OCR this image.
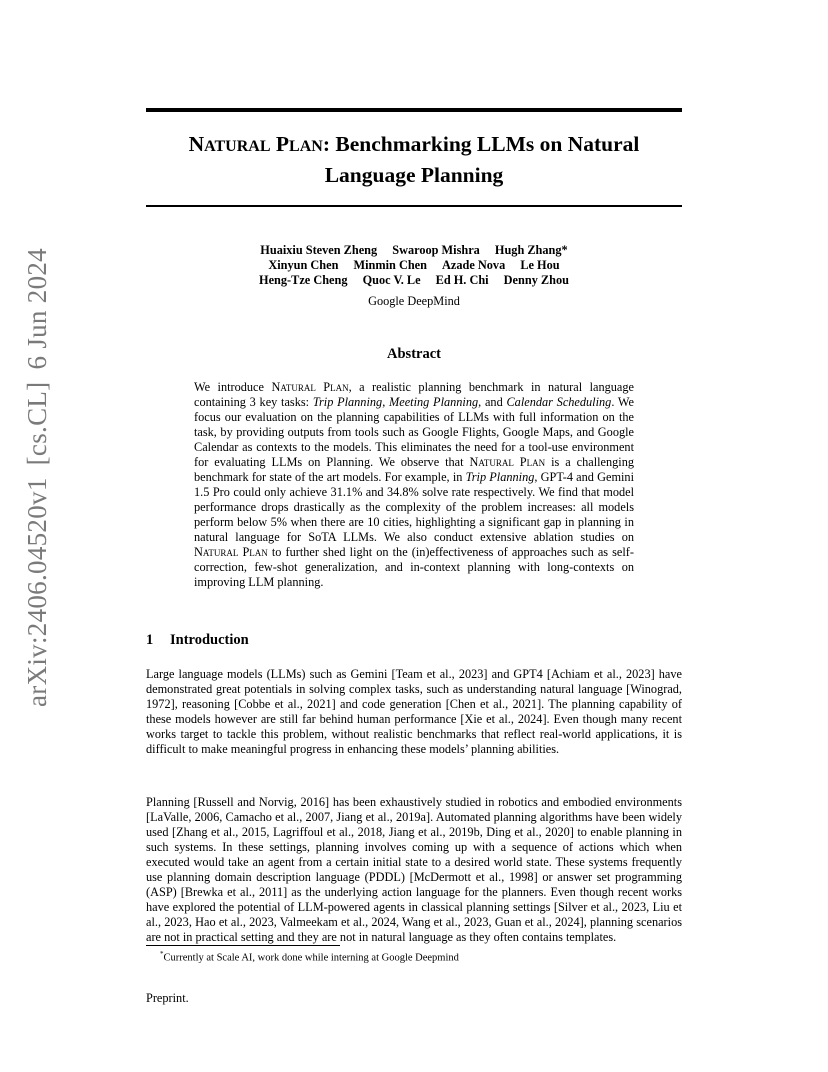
arXiv:2406.04520v1[cs.CL]6 Jun 2024
NATURAL PLAN: Benchmarking LLMs on Natural
Language Planning
Huaixiu Steven Zheng Swaroop Mishra Hugh Zhang*
Xinyun Chen Minmin Chen Azade Nova Le Hou
Heng-Tze Cheng Quoc V. Le Ed H. Chi Denny Zhou
Google DeepMind
Abstract

We introduce Natural Plan, a realistic planning benchmark in natural language containing 3 key tasks: Trip Planning, Meeting Planning, and Calendar Scheduling. We focus our evaluation on the planning capabilities of LLMs with full information on the task, by providing outputs from tools such as Google Flights, Google Maps, and Google Calendar as contexts to the models. This eliminates the need for a tool-use environment for evaluating LLMs on Planning. We observe that Natural Plan is a challenging benchmark for state of the art models. For example, in Trip Planning, GPT-4 and Gemini 1.5 Pro could only achieve 31.1% and 34.8% solve rate respectively. We find that model performance drops drastically as the complexity of the problem increases: all models perform below 5% when there are 10 cities, highlighting a significant gap in planning in natural language for SoTA LLMs. We also conduct extensive ablation studies on Natural Plan to further shed light on the (in)effectiveness of approaches such as self-correction, few-shot generalization, and in-context planning with long-contexts on improving LLM planning.

1 Introduction

Large language models (LLMs) such as Gemini [Team et al., 2023] and GPT4 [Achiam et al., 2023] have demonstrated great potentials in solving complex tasks, such as understanding natural language [Winograd, 1972], reasoning [Cobbe et al., 2021] and code generation [Chen et al., 2021]. The planning capability of these models however are still far behind human performance [Xie et al., 2024]. Even though many recent works target to tackle this problem, without realistic benchmarks that reflect real-world applications, it is difficult to make meaningful progress in enhancing these models’ planning abilities.

Planning [Russell and Norvig, 2016] has been exhaustively studied in robotics and embodied environments [LaValle, 2006, Camacho et al., 2007, Jiang et al., 2019a]. Automated planning algorithms have been widely used [Zhang et al., 2015, Lagriffoul et al., 2018, Jiang et al., 2019b, Ding et al., 2020] to enable planning in such systems. In these settings, planning involves coming up with a sequence of actions which when executed would take an agent from a certain initial state to a desired world state. These systems frequently use planning domain description language (PDDL) [McDermott et al., 1998] or answer set programming (ASP) [Brewka et al., 2011] as the underlying action language for the planners. Even though recent works have explored the potential of LLM-powered agents in classical planning settings [Silver et al., 2023, Liu et al., 2023, Hao et al., 2023, Valmeekam et al., 2024, Wang et al., 2023, Guan et al., 2024], planning scenarios are not in practical setting and they are not in natural language as they often contains templates.

*Currently at Scale AI, work done while interning at Google Deepmind
Preprint.
